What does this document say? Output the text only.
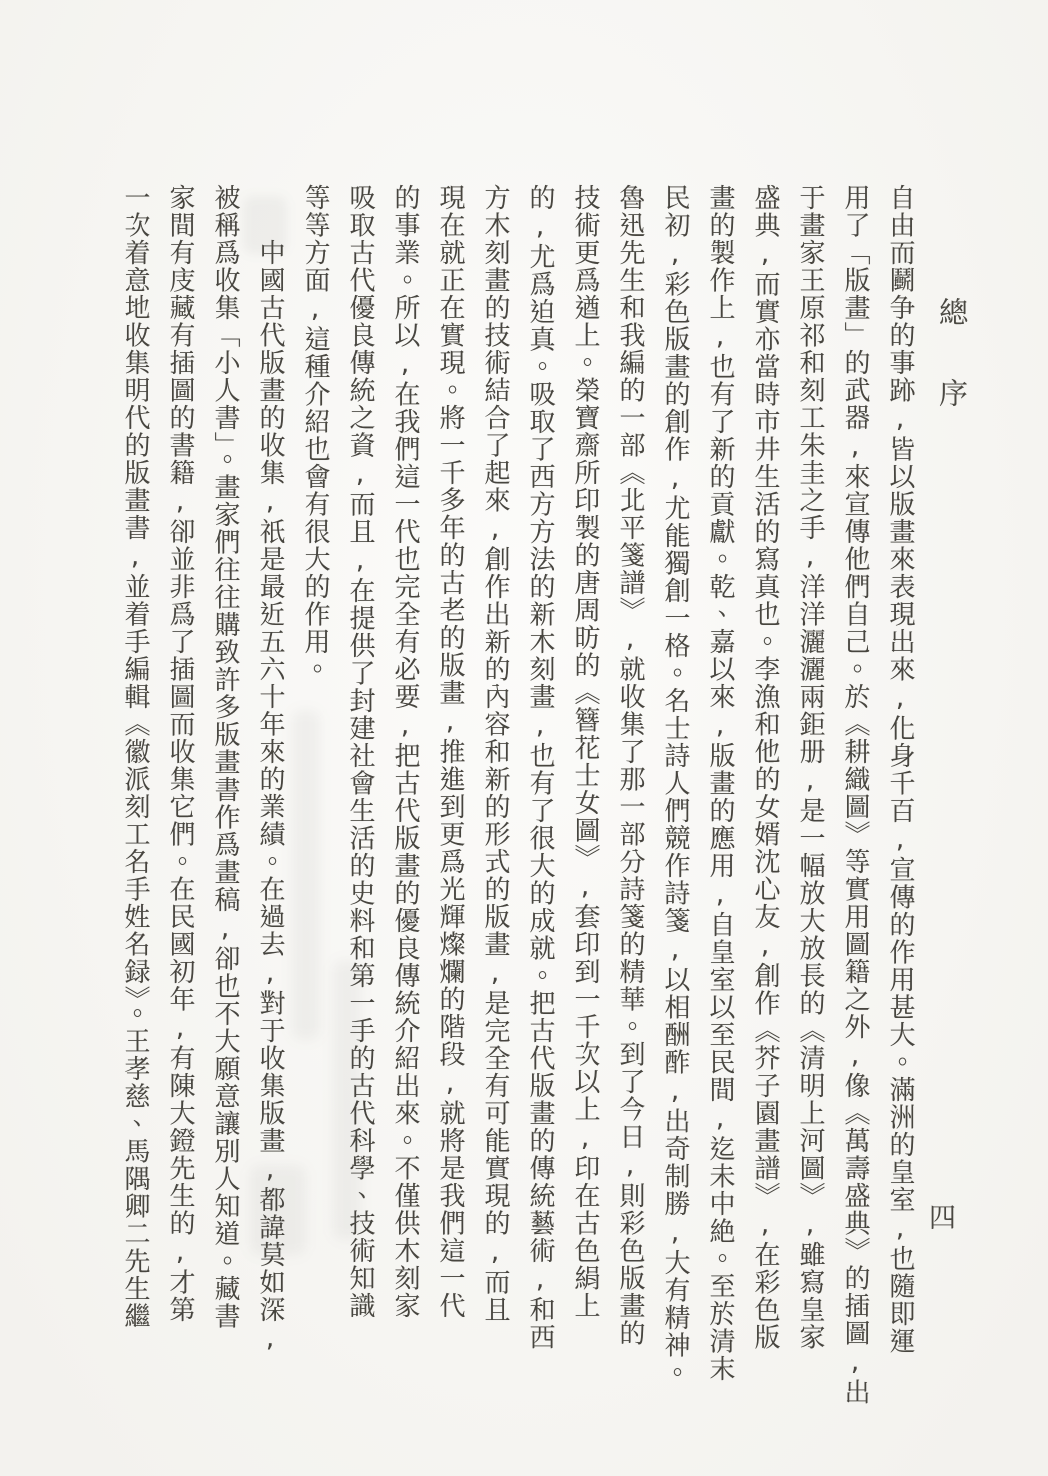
總序
四
自由而鬬争的事跡,皆以版畫來表現出來,化身千百,宣傳的作用甚大。滿洲的皇室,也隨即運
用了「版畫」的武器,來宣傳他們自己。於《耕織圖》等實用圖籍之外,像《萬壽盛典》的插圖,出
于畫家王原祁和刻工朱圭之手,洋洋灑灑兩鉅册,是一幅放大放長的《清明上河圖》,雖寫皇家
盛典,而實亦當時市井生活的寫真也。李漁和他的女婿沈心友,創作《芥子園畫譜》,在彩色版
畫的製作上,也有了新的貢獻。乾、嘉以來,版畫的應用,自皇室以至民間,迄未中絶。至於清末
民初,彩色版畫的創作,尤能獨創一格。名士詩人們競作詩箋,以相酬酢,出奇制勝,大有精神。
魯迅先生和我編的一部《北平箋譜》,就收集了那一部分詩箋的精華。到了今日,則彩色版畫的
技術更爲遒上。榮寶齋所印製的唐周昉的《簪花士女圖》,套印到一千次以上,印在古色絹上
的,尤爲迫真。吸取了西方方法的新木刻畫,也有了很大的成就。把古代版畫的傳統藝術,和西
方木刻畫的技術結合了起來,創作出新的內容和新的形式的版畫,是完全有可能實現的,而且
現在就正在實現。將一千多年的古老的版畫,推進到更爲光輝燦爛的階段,就將是我們這一代
的事業。所以,在我們這一代也完全有必要,把古代版畫的優良傳統介紹出來。不僅供木刻家
吸取古代優良傳統之資,而且,在提供了封建社會生活的史料和第一手的古代科學、技術知識
等等方面,這種介紹也會有很大的作用。
中國古代版畫的收集,祇是最近五六十年來的業績。在過去,對于收集版畫,都諱莫如深,
被稱爲收集「小人書」。畫家們往往購致許多版畫書作爲畫稿,卻也不大願意讓別人知道。藏書
家間有庋藏有插圖的書籍,卻並非爲了插圖而收集它們。在民國初年,有陳大鐙先生的,才第
一次着意地收集明代的版畫書,並着手編輯《徽派刻工名手姓名録》。王孝慈、馬隅卿二先生繼
